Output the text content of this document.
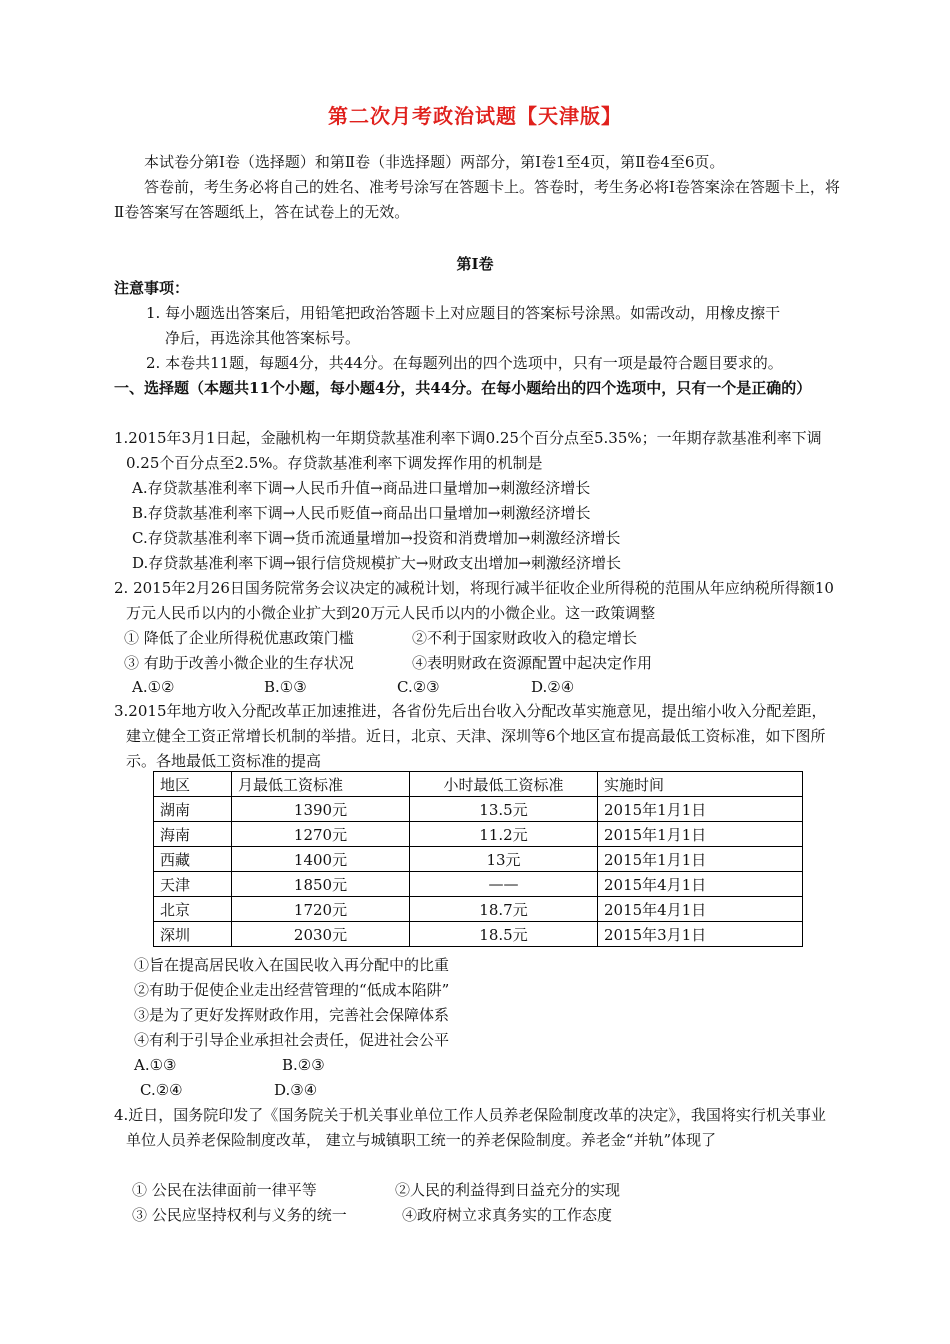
第二次月考政治试题【天津版】
本试卷分第Ⅰ卷（选择题）和第Ⅱ卷（非选择题）两部分，第Ⅰ卷1至4页，第Ⅱ卷4至6页。
答卷前，考生务必将自己的姓名、准考号涂写在答题卡上。答卷时，考生务必将Ⅰ卷答案涂在答题卡上，将Ⅱ卷答案写在答题纸上，答在试卷上的无效。
第Ⅰ卷
注意事项：
1. 每小题选出答案后，用铅笔把政治答题卡上对应题目的答案标号涂黑。如需改动，用橡皮擦干
净后，再选涂其他答案标号。
2. 本卷共11题，每题4分，共44分。在每题列出的四个选项中，只有一项是最符合题目要求的。
一、选择题（本题共11个小题，每小题4分，共44分。在每小题给出的四个选项中，只有一个是正确的）
1.2015年3月1日起，金融机构一年期贷款基准利率下调0.25个百分点至5.35%；一年期存款基准利率下调0.25个百分点至2.5%。存贷款基准利率下调发挥作用的机制是
A.存贷款基准利率下调→人民币升值→商品进口量增加→刺激经济增长
B.存贷款基准利率下调→人民币贬值→商品出口量增加→刺激经济增长
C.存贷款基准利率下调→货币流通量增加→投资和消费增加→刺激经济增长
D.存贷款基准利率下调→银行信贷规模扩大→财政支出增加→刺激经济增长
2. 2015年2月26日国务院常务会议决定的减税计划，将现行减半征收企业所得税的范围从年应纳税所得额10万元人民币以内的小微企业扩大到20万元人民币以内的小微企业。这一政策调整
① 降低了企业所得税优惠政策门槛	②不利于国家财政收入的稳定增长
③ 有助于改善小微企业的生存状况	④表明财政在资源配置中起决定作用
A.①②	B.①③	C.②③	D.②④
3.2015年地方收入分配改革正加速推进，各省份先后出台收入分配改革实施意见，提出缩小收入分配差距，建立健全工资正常增长机制的举措。近日，北京、天津、深圳等6个地区宣布提高最低工资标准，如下图所示。各地最低工资标准的提高
地区	月最低工资标准	小时最低工资标准	实施时间
湖南	1390元	13.5元	2015年1月1日
海南	1270元	11.2元	2015年1月1日
西藏	1400元	13元	2015年1月1日
天津	1850元	——	2015年4月1日
北京	1720元	18.7元	2015年4月1日
深圳	2030元	18.5元	2015年3月1日
①旨在提高居民收入在国民收入再分配中的比重
②有助于促使企业走出经营管理的“低成本陷阱”
③是为了更好发挥财政作用，完善社会保障体系
④有利于引导企业承担社会责任，促进社会公平
A.①③	B.②③
C.②④	D.③④
4.近日，国务院印发了《国务院关于机关事业单位工作人员养老保险制度改革的决定》，我国将实行机关事业单位人员养老保险制度改革， 建立与城镇职工统一的养老保险制度。养老金“并轨”体现了
① 公民在法律面前一律平等	②人民的利益得到日益充分的实现
③ 公民应坚持权利与义务的统一	④政府树立求真务实的工作态度
